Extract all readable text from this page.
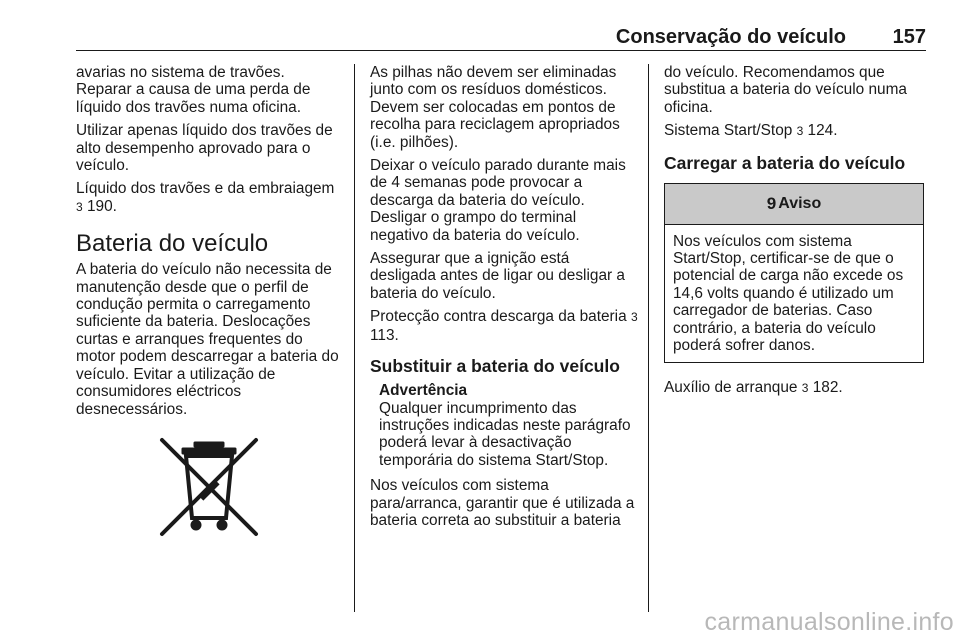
Conservação do veículo 157

avarias no sistema de travões. Reparar a causa de uma perda de líquido dos travões numa oficina.

Utilizar apenas líquido dos travões de alto desempenho aprovado para o veículo.

Líquido dos travões e da embraiagem 3 190.

Bateria do veículo

A bateria do veículo não necessita de manutenção desde que o perfil de condução permita o carregamento suficiente da bateria. Deslocações curtas e arranques frequentes do motor podem descarregar a bateria do veículo. Evitar a utilização de consumidores eléctricos desnecessários.

As pilhas não devem ser eliminadas junto com os resíduos domésticos. Devem ser colocadas em pontos de recolha para reciclagem apropriados (i.e. pilhões).

Deixar o veículo parado durante mais de 4 semanas pode provocar a descarga da bateria do veículo. Desligar o grampo do terminal negativo da bateria do veículo.

Assegurar que a ignição está desligada antes de ligar ou desligar a bateria do veículo.

Protecção contra descarga da bateria 3 113.

Substituir a bateria do veículo
Advertência
Qualquer incumprimento das instruções indicadas neste parágrafo poderá levar à desactivação temporária do sistema Start/Stop.

Nos veículos com sistema para/arranca, garantir que é utilizada a bateria correta ao substituir a bateria

do veículo. Recomendamos que substitua a bateria do veículo numa oficina.

Sistema Start/Stop 3 124.

Carregar a bateria do veículo
9 Aviso
Nos veículos com sistema Start/Stop, certificar-se de que o potencial de carga não excede os 14,6 volts quando é utilizado um carregador de baterias. Caso contrário, a bateria do veículo poderá sofrer danos.

Auxílio de arranque 3 182.

carmanualsonline.info
